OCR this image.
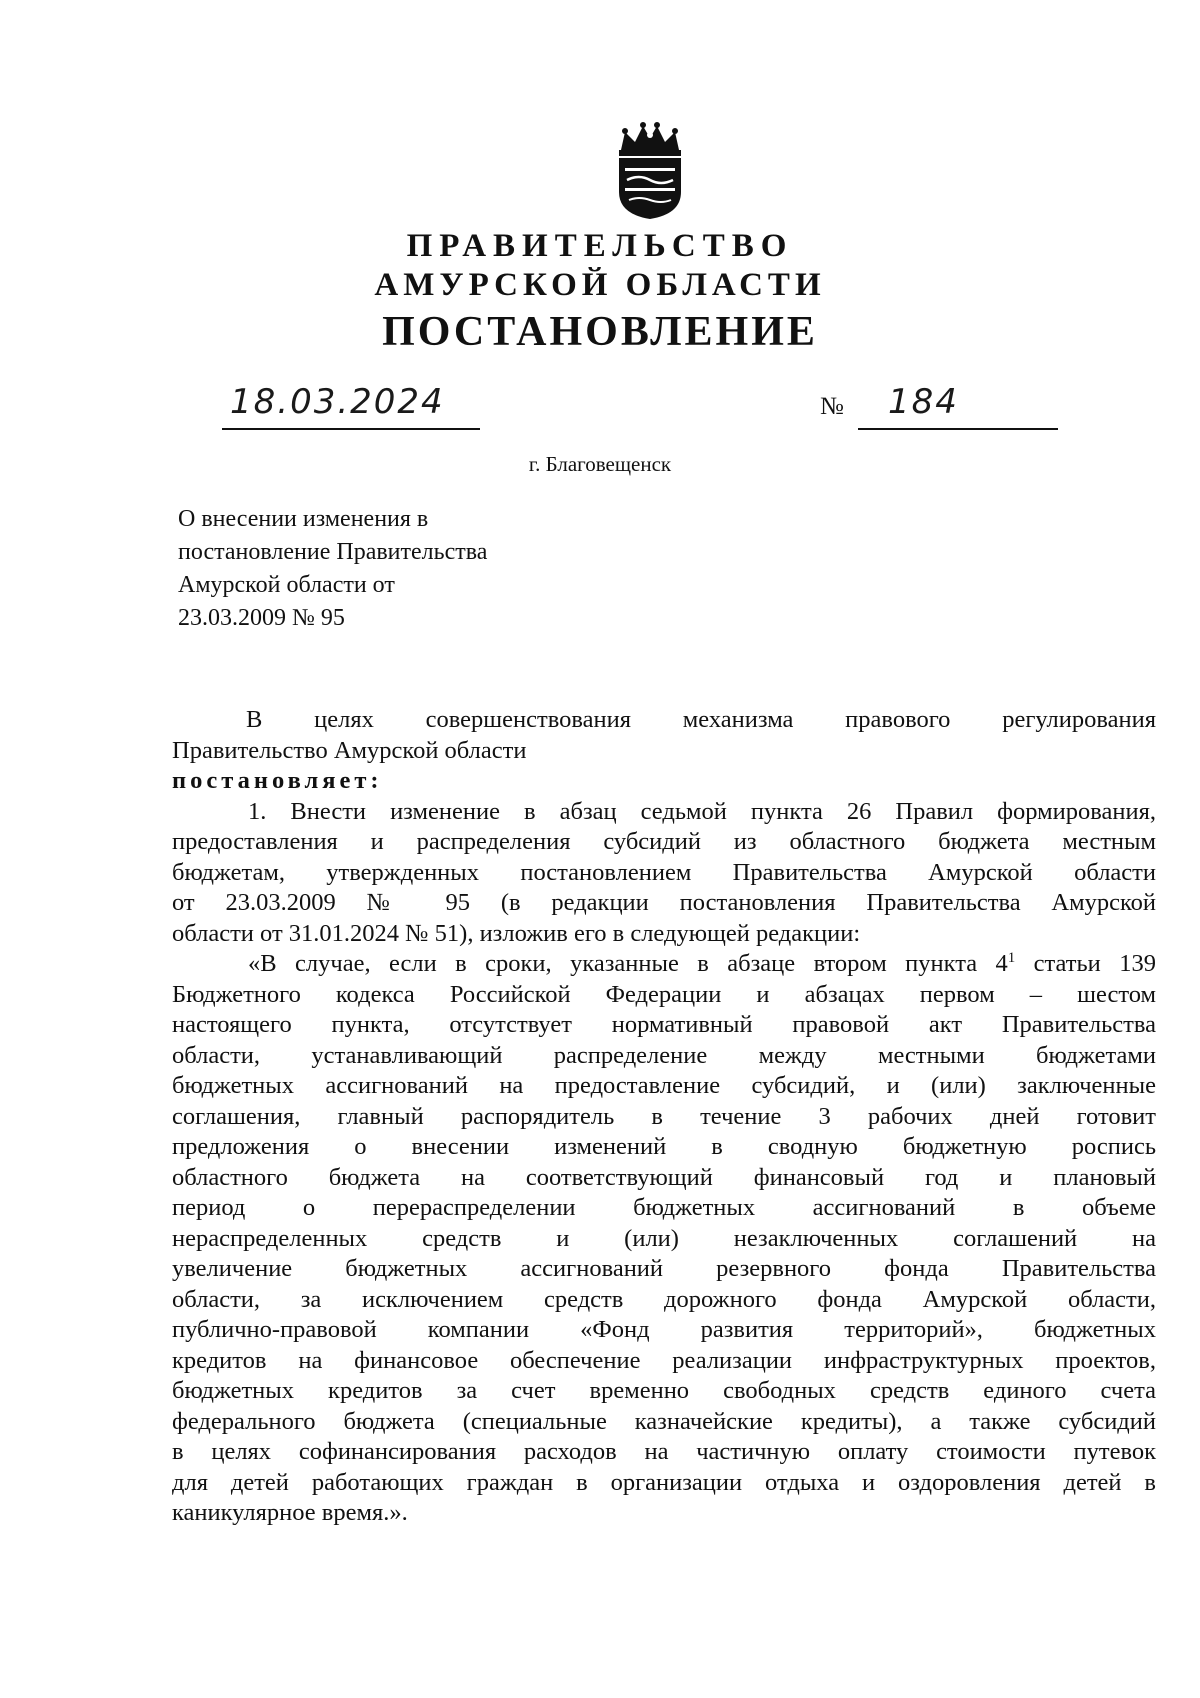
ПРАВИТЕЛЬСТВО
АМУРСКОЙ ОБЛАСТИ
ПОСТАНОВЛЕНИЕ
18.03.2024	№ 184
г. Благовещенск
О внесении изменения в
постановление Правительства
Амурской области от
23.03.2009 № 95
В целях совершенствования механизма правового регулирования
Правительство Амурской области
постановляет:
1. Внести изменение в абзац седьмой пункта 26 Правил формирования,
предоставления и распределения субсидий из областного бюджета местным
бюджетам, утвержденных постановлением Правительства Амурской области
от 23.03.2009 № 95 (в редакции постановления Правительства Амурской
области от 31.01.2024 № 51), изложив его в следующей редакции:
«В случае, если в сроки, указанные в абзаце втором пункта $4^1$ статьи 139
Бюджетного кодекса Российской Федерации и абзацах первом – шестом
настоящего пункта, отсутствует нормативный правовой акт Правительства
области, устанавливающий распределение между местными бюджетами
бюджетных ассигнований на предоставление субсидий, и (или) заключенные
соглашения, главный распорядитель в течение 3 рабочих дней готовит
предложения о внесении изменений в сводную бюджетную роспись
областного бюджета на соответствующий финансовый год и плановый
период о перераспределении бюджетных ассигнований в объеме
нераспределенных средств и (или) незаключенных соглашений на
увеличение бюджетных ассигнований резервного фонда Правительства
области, за исключением средств дорожного фонда Амурской области,
публично-правовой компании «Фонд развития территорий», бюджетных
кредитов на финансовое обеспечение реализации инфраструктурных проектов,
бюджетных кредитов за счет временно свободных средств единого счета
федерального бюджета (специальные казначейские кредиты), а также субсидий
в целях софинансирования расходов на частичную оплату стоимости путевок
для детей работающих граждан в организации отдыха и оздоровления детей в
каникулярное время.».
